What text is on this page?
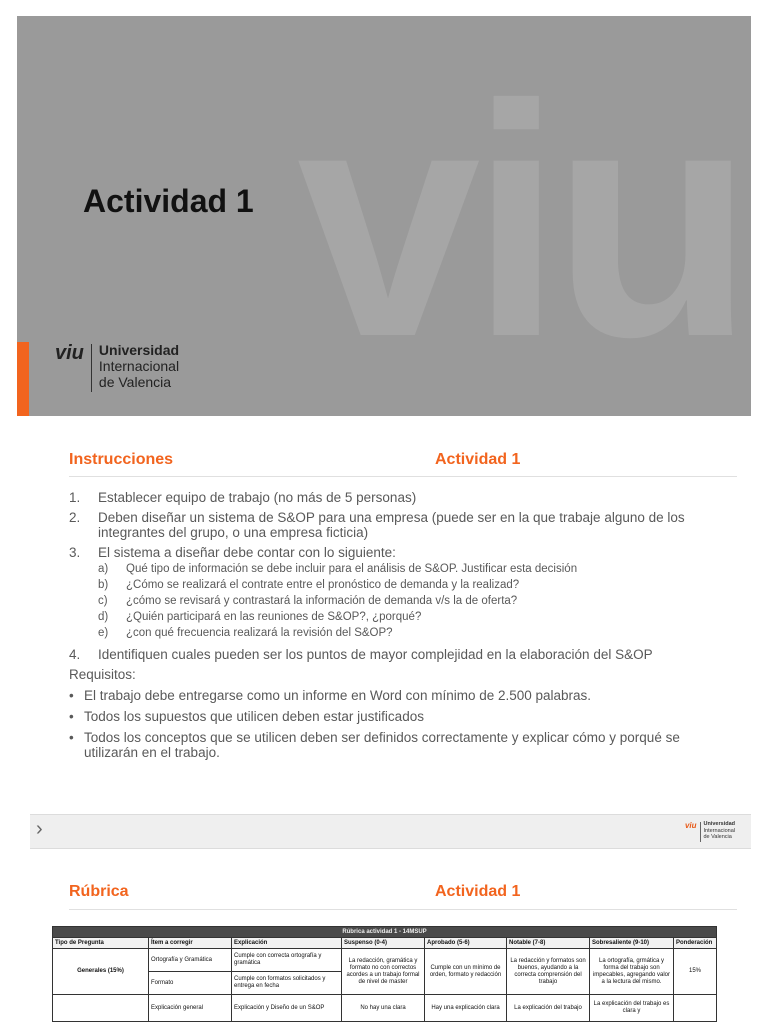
viu
Actividad 1
viu Universidad
Internacional
de Valencia
Instrucciones	Actividad 1
1.	Establecer equipo de trabajo (no más de 5 personas)
2.	Deben diseñar un sistema de S&OP para una empresa (puede ser en la que trabaje alguno de los integrantes del grupo, o una empresa ficticia)
3.	El sistema a diseñar debe contar con lo siguiente:
a)	Qué tipo de información se debe incluir para el análisis de S&OP. Justificar esta decisión
b)	¿Cómo se realizará el contrate entre el pronóstico de demanda y la realizad?
c)	¿cómo se revisará y contrastará la información de demanda v/s la de oferta?
d)	¿Quién participará en las reuniones de S&OP?, ¿porqué?
e)	¿con qué frecuencia realizará la revisión del S&OP?
4.	Identifiquen cuales pueden ser los puntos de mayor complejidad en la elaboración del S&OP
Requisitos:
• El trabajo debe entregarse como un informe en Word con mínimo de 2.500 palabras.
• Todos los supuestos que utilicen deben estar justificados
• Todos los conceptos que se utilicen deben ser definidos correctamente y explicar cómo y porqué se utilizarán en el trabajo.
›	viu Universidad
Internacional
de Valencia
Rúbrica	Actividad 1
Rúbrica actividad 1 - 14MSUP							
Tipo de Pregunta	Ítem a corregir	Explicación	Suspenso (0-4)	Aprobado (5-6)	Notable (7-8)	Sobresaliente (9-10)	Ponderación
Generales (15%)	Ortografía y Gramática	Cumple con correcta ortografía y gramática	La redacción, gramática y formato no con correctos acordes a un trabajo formal de nivel de master	Cumple con un mínimo de orden, formato y redacción	La redacción y formatos son buenos, ayudando a la correcta comprensión del trabajo	La ortografía, grmática y forma del trabajo son impecables, agregando valor a la lectura del mismo.	15%
	Formato	Cumple con formatos solicitados y entrega en fecha					
	Explicación general	Explicación y Diseño de un S&OP	No hay una clara	Hay una explicación clara	La explicación del trabajo	La explicación del trabajo es clara y	
